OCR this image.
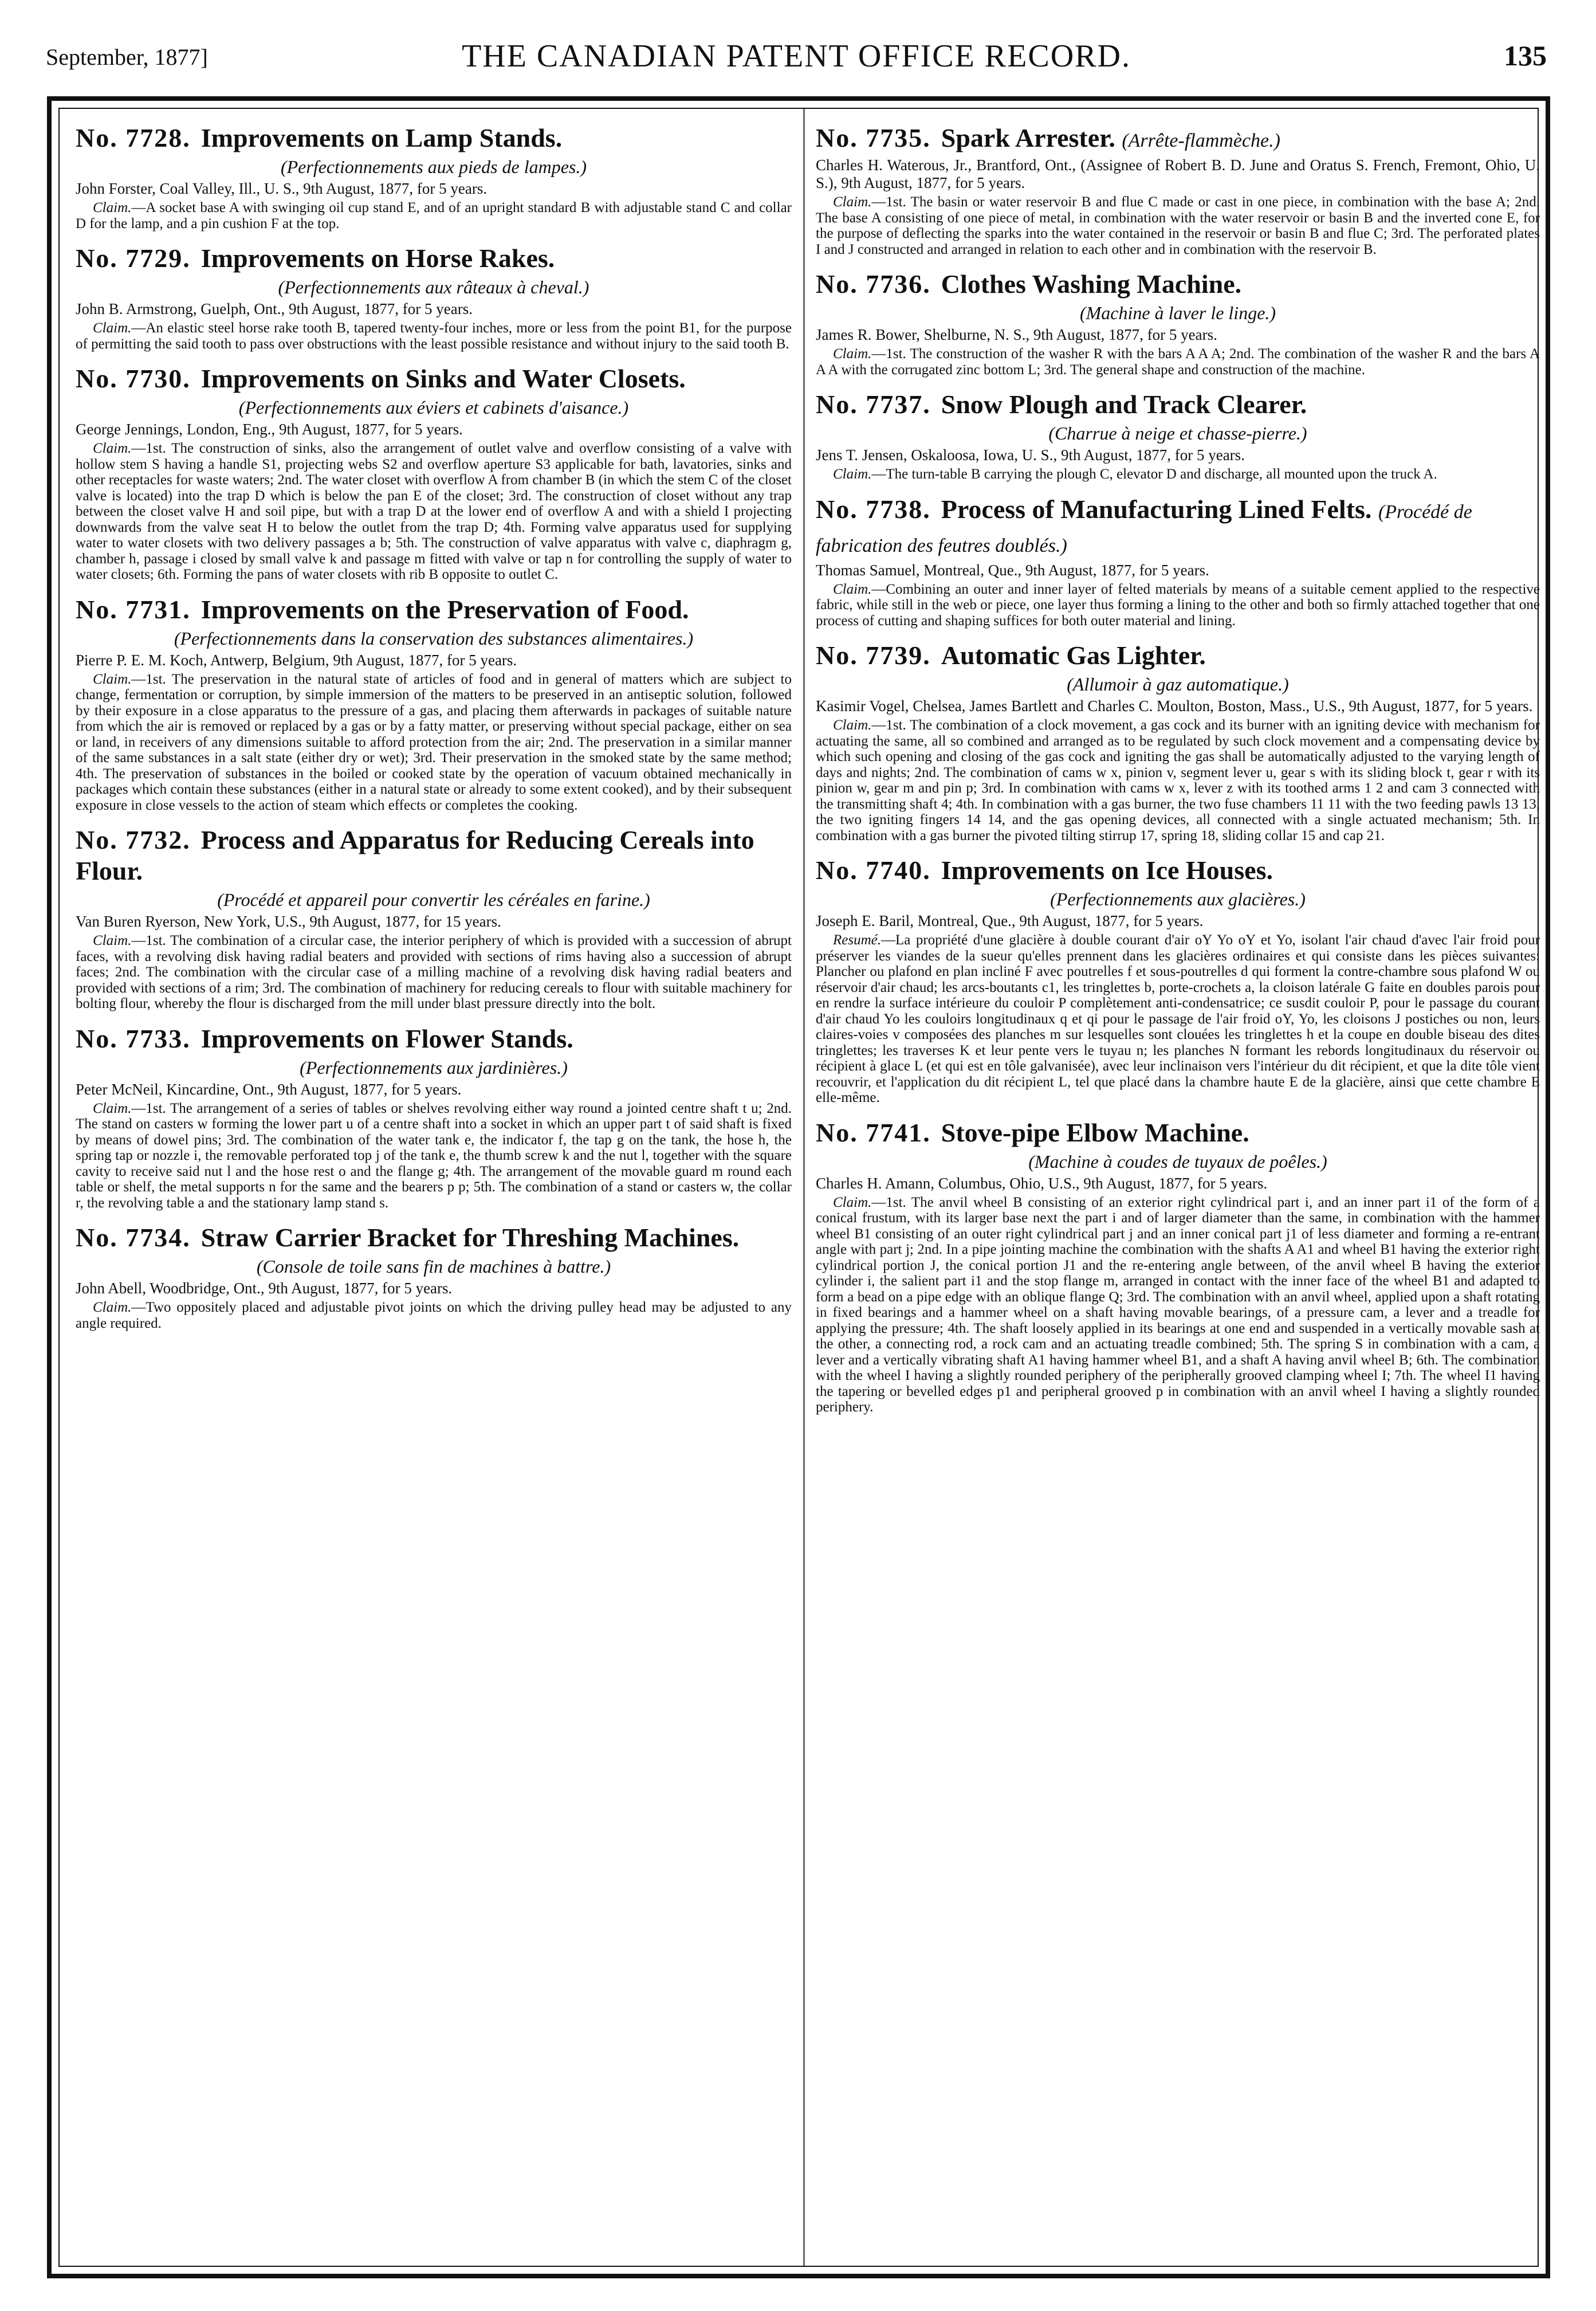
September, 1877]	THE CANADIAN PATENT OFFICE RECORD.	135

No. 7728. Improvements on Lamp Stands.

(Perfectionnements aux pieds de lampes.)

John Forster, Coal Valley, Ill., U. S., 9th August, 1877, for 5 years.

Claim.—A socket base A with swinging oil cup stand E, and of an upright standard B with adjustable stand C and collar D for the lamp, and a pin cushion F at the top.

No. 7729. Improvements on Horse Rakes.

(Perfectionnements aux râteaux à cheval.)

John B. Armstrong, Guelph, Ont., 9th August, 1877, for 5 years.

Claim.—An elastic steel horse rake tooth B, tapered twenty-four inches, more or less from the point B1, for the purpose of permitting the said tooth to pass over obstructions with the least possible resistance and without injury to the said tooth B.

No. 7730. Improvements on Sinks and Water Closets.

(Perfectionnements aux éviers et cabinets d'aisance.)

George Jennings, London, Eng., 9th August, 1877, for 5 years.

Claim.—1st. The construction of sinks, also the arrangement of outlet valve and overflow consisting of a valve with hollow stem S having a handle S1, projecting webs S2 and overflow aperture S3 applicable for bath, lavatories, sinks and other receptacles for waste waters; 2nd. The water closet with overflow A from chamber B (in which the stem C of the closet valve is located) into the trap D which is below the pan E of the closet; 3rd. The construction of closet without any trap between the closet valve H and soil pipe, but with a trap D at the lower end of overflow A and with a shield I projecting downwards from the valve seat H to below the outlet from the trap D; 4th. Forming valve apparatus used for supplying water to water closets with two delivery passages a b; 5th. The construction of valve apparatus with valve c, diaphragm g, chamber h, passage i closed by small valve k and passage m fitted with valve or tap n for controlling the supply of water to water closets; 6th. Forming the pans of water closets with rib B opposite to outlet C.

No. 7731. Improvements on the Preservation of Food.

(Perfectionnements dans la conservation des substances alimentaires.)

Pierre P. E. M. Koch, Antwerp, Belgium, 9th August, 1877, for 5 years.

Claim.—1st. The preservation in the natural state of articles of food and in general of matters which are subject to change, fermentation or corruption, by simple immersion of the matters to be preserved in an antiseptic solution, followed by their exposure in a close apparatus to the pressure of a gas, and placing them afterwards in packages of suitable nature from which the air is removed or replaced by a gas or by a fatty matter, or preserving without special package, either on sea or land, in receivers of any dimensions suitable to afford protection from the air; 2nd. The preservation in a similar manner of the same substances in a salt state (either dry or wet); 3rd. Their preservation in the smoked state by the same method; 4th. The preservation of substances in the boiled or cooked state by the operation of vacuum obtained mechanically in packages which contain these substances (either in a natural state or already to some extent cooked), and by their subsequent exposure in close vessels to the action of steam which effects or completes the cooking.

No. 7732. Process and Apparatus for Reducing Cereals into Flour.

(Procédé et appareil pour convertir les céréales en farine.)

Van Buren Ryerson, New York, U.S., 9th August, 1877, for 15 years.

Claim.—1st. The combination of a circular case, the interior periphery of which is provided with a succession of abrupt faces, with a revolving disk having radial beaters and provided with sections of rims having also a succession of abrupt faces; 2nd. The combination with the circular case of a milling machine of a revolving disk having radial beaters and provided with sections of a rim; 3rd. The combination of machinery for reducing cereals to flour with suitable machinery for bolting flour, whereby the flour is discharged from the mill under blast pressure directly into the bolt.

No. 7733. Improvements on Flower Stands.

(Perfectionnements aux jardinières.)

Peter McNeil, Kincardine, Ont., 9th August, 1877, for 5 years.

Claim.—1st. The arrangement of a series of tables or shelves revolving either way round a jointed centre shaft t u; 2nd. The stand on casters w forming the lower part u of a centre shaft into a socket in which an upper part t of said shaft is fixed by means of dowel pins; 3rd. The combination of the water tank e, the indicator f, the tap g on the tank, the hose h, the spring tap or nozzle i, the removable perforated top j of the tank e, the thumb screw k and the nut l, together with the square cavity to receive said nut l and the hose rest o and the flange g; 4th. The arrangement of the movable guard m round each table or shelf, the metal supports n for the same and the bearers p p; 5th. The combination of a stand or casters w, the collar r, the revolving table a and the stationary lamp stand s.

No. 7734. Straw Carrier Bracket for Threshing Machines.

(Console de toile sans fin de machines à battre.)

John Abell, Woodbridge, Ont., 9th August, 1877, for 5 years.

Claim.—Two oppositely placed and adjustable pivot joints on which the driving pulley head may be adjusted to any angle required.

No. 7735. Spark Arrester. (Arrête-flammèche.)

Charles H. Waterous, Jr., Brantford, Ont., (Assignee of Robert B. D. June and Oratus S. French, Fremont, Ohio, U. S.), 9th August, 1877, for 5 years.

Claim.—1st. The basin or water reservoir B and flue C made or cast in one piece, in combination with the base A; 2nd. The base A consisting of one piece of metal, in combination with the water reservoir or basin B and the inverted cone E, for the purpose of deflecting the sparks into the water contained in the reservoir or basin B and flue C; 3rd. The perforated plates I and J constructed and arranged in relation to each other and in combination with the reservoir B.

No. 7736. Clothes Washing Machine.

(Machine à laver le linge.)

James R. Bower, Shelburne, N. S., 9th August, 1877, for 5 years.

Claim.—1st. The construction of the washer R with the bars A A A; 2nd. The combination of the washer R and the bars A A A with the corrugated zinc bottom L; 3rd. The general shape and construction of the machine.

No. 7737. Snow Plough and Track Clearer.

(Charrue à neige et chasse-pierre.)

Jens T. Jensen, Oskaloosa, Iowa, U. S., 9th August, 1877, for 5 years.

Claim.—The turn-table B carrying the plough C, elevator D and discharge, all mounted upon the truck A.

No. 7738. Process of Manufacturing Lined Felts. (Procédé de fabrication des feutres doublés.)

Thomas Samuel, Montreal, Que., 9th August, 1877, for 5 years.

Claim.—Combining an outer and inner layer of felted materials by means of a suitable cement applied to the respective fabric, while still in the web or piece, one layer thus forming a lining to the other and both so firmly attached together that one process of cutting and shaping suffices for both outer material and lining.

No. 7739. Automatic Gas Lighter.

(Allumoir à gaz automatique.)

Kasimir Vogel, Chelsea, James Bartlett and Charles C. Moulton, Boston, Mass., U.S., 9th August, 1877, for 5 years.

Claim.—1st. The combination of a clock movement, a gas cock and its burner with an igniting device with mechanism for actuating the same, all so combined and arranged as to be regulated by such clock movement and a compensating device by which such opening and closing of the gas cock and igniting the gas shall be automatically adjusted to the varying length of days and nights; 2nd. The combination of cams w x, pinion v, segment lever u, gear s with its sliding block t, gear r with its pinion w, gear m and pin p; 3rd. In combination with cams w x, lever z with its toothed arms 1 2 and cam 3 connected with the transmitting shaft 4; 4th. In combination with a gas burner, the two fuse chambers 11 11 with the two feeding pawls 13 13, the two igniting fingers 14 14, and the gas opening devices, all connected with a single actuated mechanism; 5th. In combination with a gas burner the pivoted tilting stirrup 17, spring 18, sliding collar 15 and cap 21.

No. 7740. Improvements on Ice Houses.

(Perfectionnements aux glacières.)

Joseph E. Baril, Montreal, Que., 9th August, 1877, for 5 years.

Resumé.—La propriété d'une glacière à double courant d'air oY Yo oY et Yo, isolant l'air chaud d'avec l'air froid pour préserver les viandes de la sueur qu'elles prennent dans les glacières ordinaires et qui consiste dans les pièces suivantes: Plancher ou plafond en plan incliné F avec poutrelles f et sous-poutrelles d qui forment la contre-chambre sous plafond W ou réservoir d'air chaud; les arcs-boutants c1, les tringlettes b, porte-crochets a, la cloison latérale G faite en doubles parois pour en rendre la surface intérieure du couloir P complètement anti-condensatrice; ce susdit couloir P, pour le passage du courant d'air chaud Yo les couloirs longitudinaux q et qi pour le passage de l'air froid oY, Yo, les cloisons J postiches ou non, leurs claires-voies v composées des planches m sur lesquelles sont clouées les tringlettes h et la coupe en double biseau des dites tringlettes; les traverses K et leur pente vers le tuyau n; les planches N formant les rebords longitudinaux du réservoir ou récipient à glace L (et qui est en tôle galvanisée), avec leur inclinaison vers l'intérieur du dit récipient, et que la dite tôle vient recouvrir, et l'application du dit récipient L, tel que placé dans la chambre haute E de la glacière, ainsi que cette chambre E elle-même.

No. 7741. Stove-pipe Elbow Machine.

(Machine à coudes de tuyaux de poêles.)

Charles H. Amann, Columbus, Ohio, U.S., 9th August, 1877, for 5 years.

Claim.—1st. The anvil wheel B consisting of an exterior right cylindrical part i, and an inner part i1 of the form of a conical frustum, with its larger base next the part i and of larger diameter than the same, in combination with the hammer wheel B1 consisting of an outer right cylindrical part j and an inner conical part j1 of less diameter and forming a re-entrant angle with part j; 2nd. In a pipe jointing machine the combination with the shafts A A1 and wheel B1 having the exterior right cylindrical portion J, the conical portion J1 and the re-entering angle between, of the anvil wheel B having the exterior cylinder i, the salient part i1 and the stop flange m, arranged in contact with the inner face of the wheel B1 and adapted to form a bead on a pipe edge with an oblique flange Q; 3rd. The combination with an anvil wheel, applied upon a shaft rotating in fixed bearings and a hammer wheel on a shaft having movable bearings, of a pressure cam, a lever and a treadle for applying the pressure; 4th. The shaft loosely applied in its bearings at one end and suspended in a vertically movable sash at the other, a connecting rod, a rock cam and an actuating treadle combined; 5th. The spring S in combination with a cam, a lever and a vertically vibrating shaft A1 having hammer wheel B1, and a shaft A having anvil wheel B; 6th. The combination with the wheel I having a slightly rounded periphery of the peripherally grooved clamping wheel I; 7th. The wheel I1 having the tapering or bevelled edges p1 and peripheral grooved p in combination with an anvil wheel I having a slightly rounded periphery.
